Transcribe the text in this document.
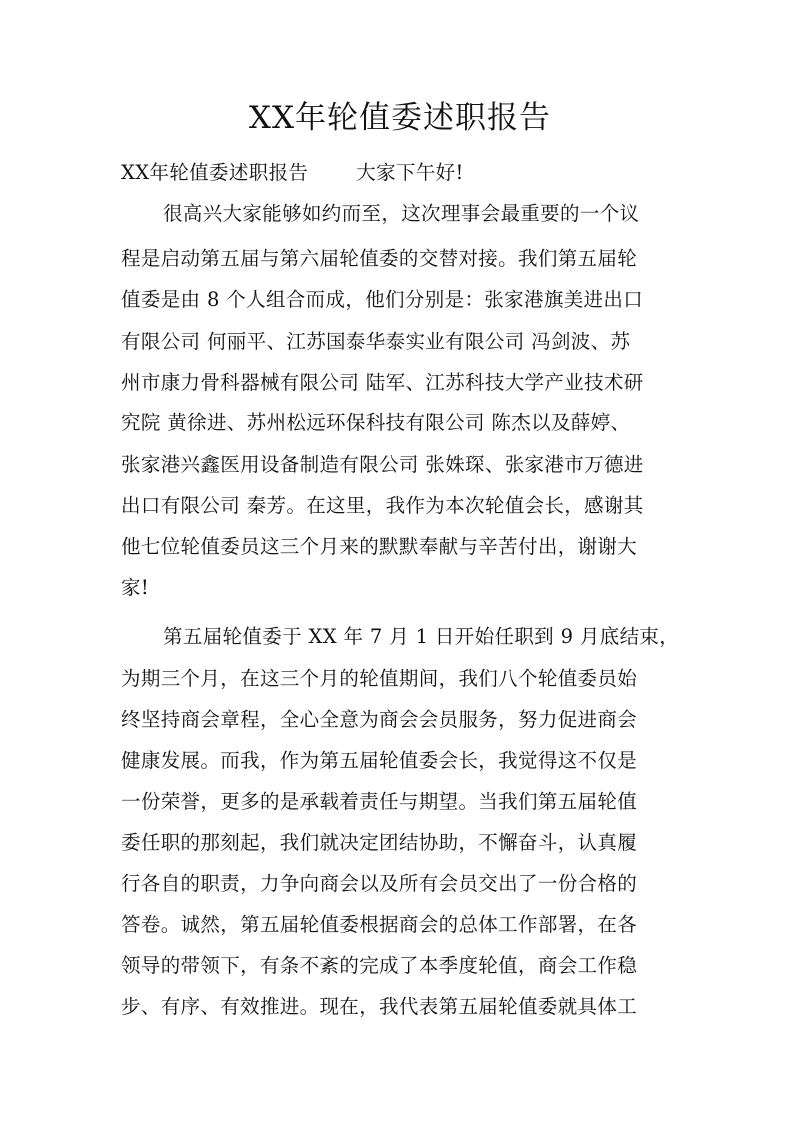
XX年轮值委述职报告
XX年轮值委述职报告 大家下午好!
很高兴大家能够如约而至，这次理事会最重要的一个议
程是启动第五届与第六届轮值委的交替对接。我们第五届轮
值委是由 8 个人组合而成，他们分别是：张家港旗美进出口
有限公司 何丽平、江苏国泰华泰实业有限公司 冯剑波、苏
州市康力骨科器械有限公司 陆军、江苏科技大学产业技术研
究院 黄徐进、苏州松远环保科技有限公司 陈杰以及薛婷、
张家港兴鑫医用设备制造有限公司 张姝琛、张家港市万德进
出口有限公司 秦芳。在这里，我作为本次轮值会长，感谢其
他七位轮值委员这三个月来的默默奉献与辛苦付出，谢谢大
家!
第五届轮值委于 XX 年 7 月 1 日开始任职到 9 月底结束，
为期三个月，在这三个月的轮值期间，我们八个轮值委员始
终坚持商会章程，全心全意为商会会员服务，努力促进商会
健康发展。而我，作为第五届轮值委会长，我觉得这不仅是
一份荣誉，更多的是承载着责任与期望。当我们第五届轮值
委任职的那刻起，我们就决定团结协助，不懈奋斗，认真履
行各自的职责，力争向商会以及所有会员交出了一份合格的
答卷。诚然，第五届轮值委根据商会的总体工作部署，在各
领导的带领下，有条不紊的完成了本季度轮值，商会工作稳
步、有序、有效推进。现在，我代表第五届轮值委就具体工
